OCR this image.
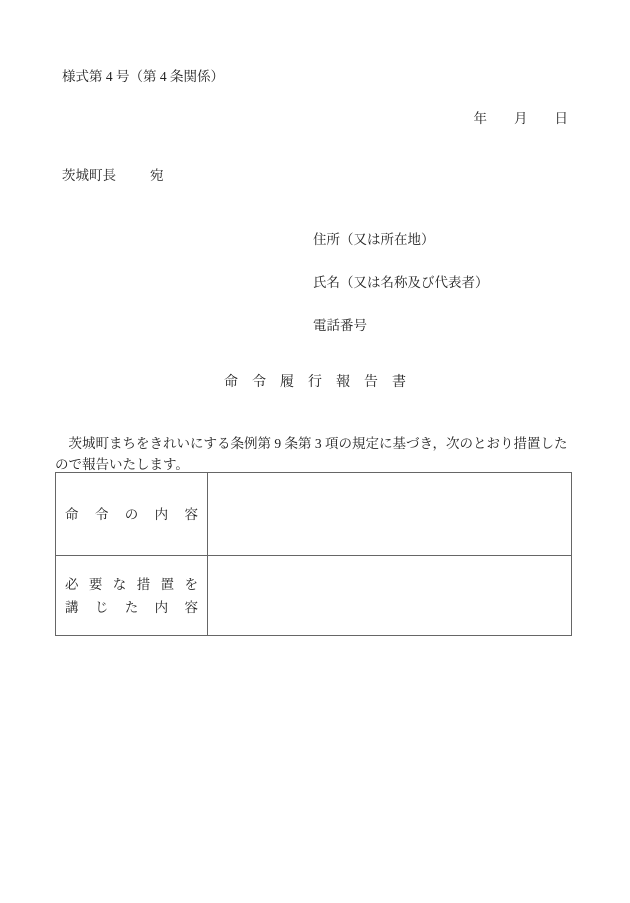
様式第 4 号（第 4 条関係）
年　　月　　日
茨城町長	宛
住所（又は所在地）
氏名（又は名称及び代表者）
電話番号
命　令　履　行　報　告　書
　茨城町まちをきれいにする条例第 9 条第 3 項の規定に基づき，次のとおり措置した
ので報告いたします。
命 令 の 内 容
必 要 な 措 置 を
講 じ た 内 容
